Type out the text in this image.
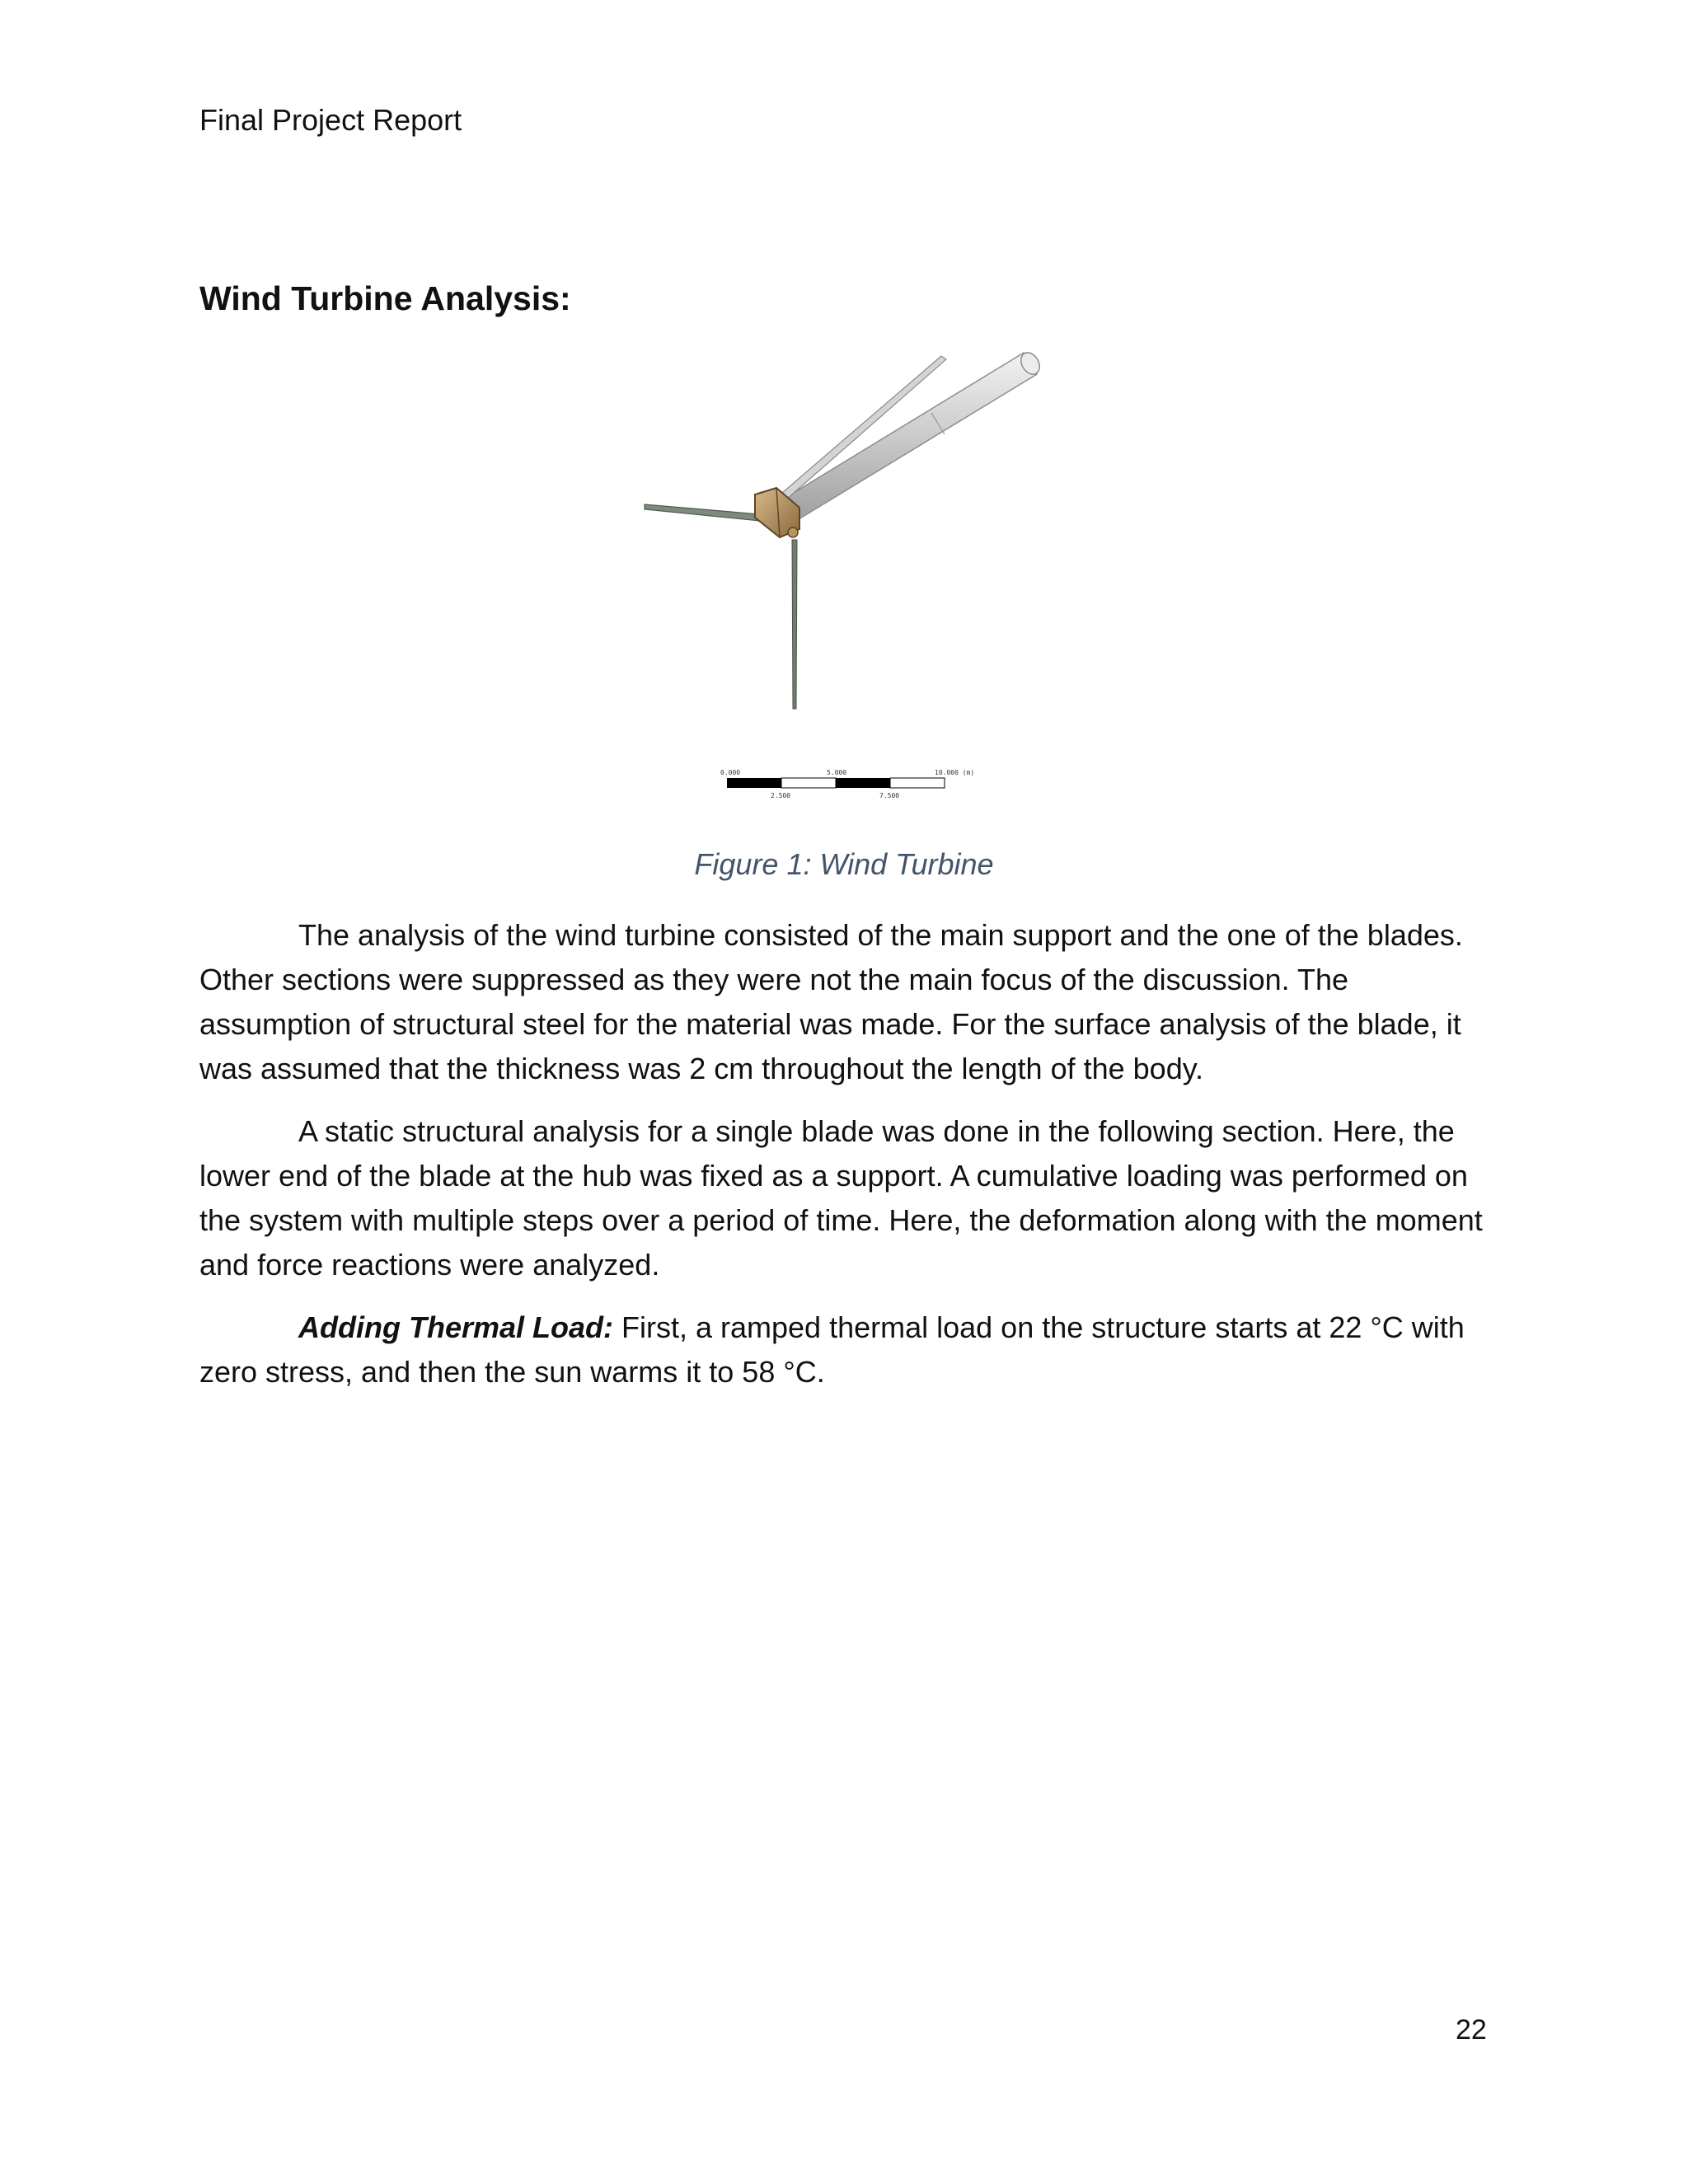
Final Project Report
Wind Turbine Analysis:
0.000	5.000	10.000 (m)
2.500	7.500
Figure 1: Wind Turbine

The analysis of the wind turbine consisted of the main support and the one of the blades. Other sections were suppressed as they were not the main focus of the discussion. The assumption of structural steel for the material was made. For the surface analysis of the blade, it was assumed that the thickness was 2 cm throughout the length of the body.

A static structural analysis for a single blade was done in the following section. Here, the lower end of the blade at the hub was fixed as a support. A cumulative loading was performed on the system with multiple steps over a period of time. Here, the deformation along with the moment and force reactions were analyzed.

Adding Thermal Load: First, a ramped thermal load on the structure starts at 22 °C with zero stress, and then the sun warms it to 58 °C.

22
